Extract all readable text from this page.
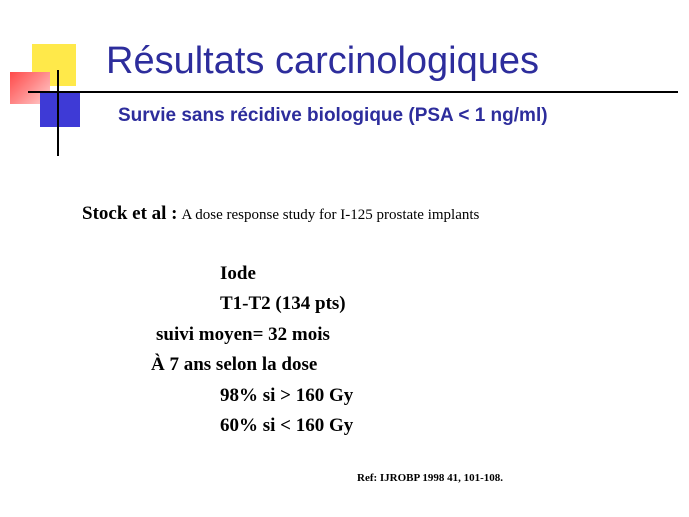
Résultats carcinologiques
Survie sans récidive biologique (PSA < 1 ng/ml)
Stock et al : A dose response study for I-125 prostate implants
Iode
T1-T2 (134 pts)
suivi moyen= 32 mois
À 7 ans selon la dose
98% si > 160 Gy
60% si < 160 Gy
Ref: IJROBP 1998 41, 101-108.
